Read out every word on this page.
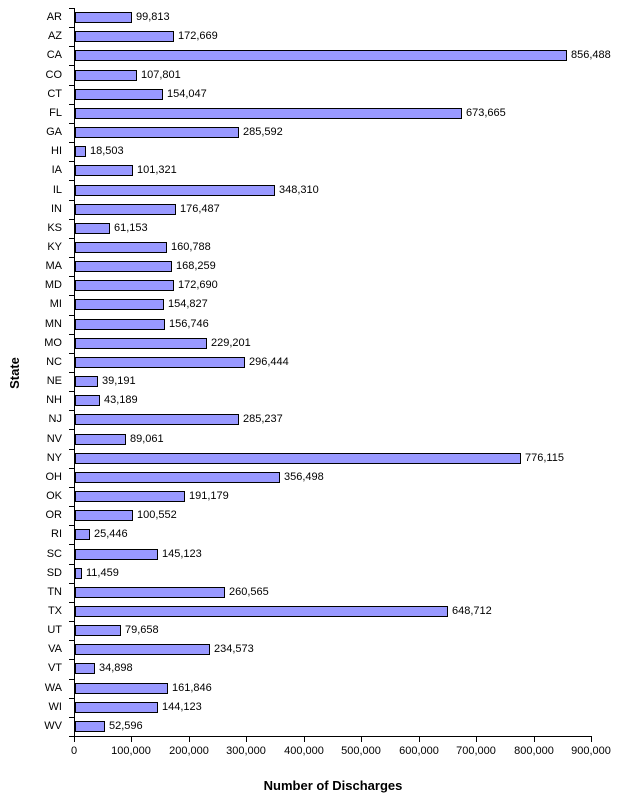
State
AR	99,813
AZ	172,669
CA	856,488
CO	107,801
CT	154,047
FL	673,665
GA	285,592
HI	18,503
IA	101,321
IL	348,310
IN	176,487
KS	61,153
KY	160,788
MA	168,259
MD	172,690
MI	154,827
MN	156,746
MO	229,201
NC	296,444
NE	39,191
NH	43,189
NJ	285,237
NV	89,061
NY	776,115
OH	356,498
OK	191,179
OR	100,552
RI	25,446
SC	145,123
SD 11,459
TN	260,565
TX	648,712
UT	79,658
VA	234,573
VT	34,898
WA	161,846
WI	144,123
WV	52,596
0	100,000	200,000	300,000	400,000	500,000	600,000	700,000	800,000	900,000
Number of Discharges
